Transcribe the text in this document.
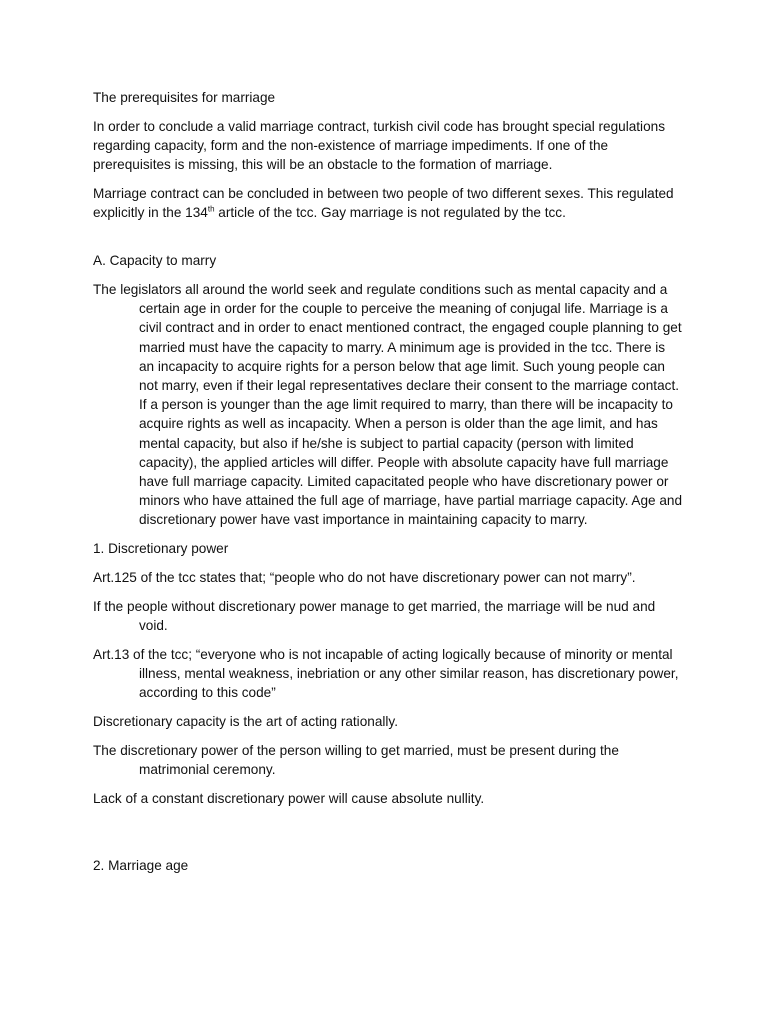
The prerequisites for marriage

In order to conclude a valid marriage contract, turkish civil code has brought special regulations regarding capacity, form and the non-existence of marriage impediments. If one of the prerequisites is missing, this will be an obstacle to the formation of marriage.

Marriage contract can be concluded in between two people of two different sexes. This regulated explicitly in the 134th article of the tcc. Gay marriage is not regulated by the tcc.

A. Capacity to marry

The legislators all around the world seek and regulate conditions such as mental capacity and a certain age in order for the couple to perceive the meaning of conjugal life. Marriage is a civil contract and in order to enact mentioned contract, the engaged couple planning to get married must have the capacity to marry. A minimum age is provided in the tcc. There is an incapacity to acquire rights for a person below that age limit. Such young people can not marry, even if their legal representatives declare their consent to the marriage contact. If a person is younger than the age limit required to marry, than there will be incapacity to acquire rights as well as incapacity. When a person is older than the age limit, and has mental capacity, but also if he/she is subject to partial capacity (person with limited capacity), the applied articles will differ. People with absolute capacity have full marriage have full marriage capacity. Limited capacitated people who have discretionary power or minors who have attained the full age of marriage, have partial marriage capacity. Age and discretionary power have vast importance in maintaining capacity to marry.

1. Discretionary power

Art.125 of the tcc states that; “people who do not have discretionary power can not marry”.

If the people without discretionary power manage to get married, the marriage will be nud and void.

Art.13 of the tcc; “everyone who is not incapable of acting logically because of minority or mental illness, mental weakness, inebriation or any other similar reason, has discretionary power, according to this code”

Discretionary capacity is the art of acting rationally.

The discretionary power of the person willing to get married, must be present during the matrimonial ceremony.

Lack of a constant discretionary power will cause absolute nullity.

2. Marriage age
